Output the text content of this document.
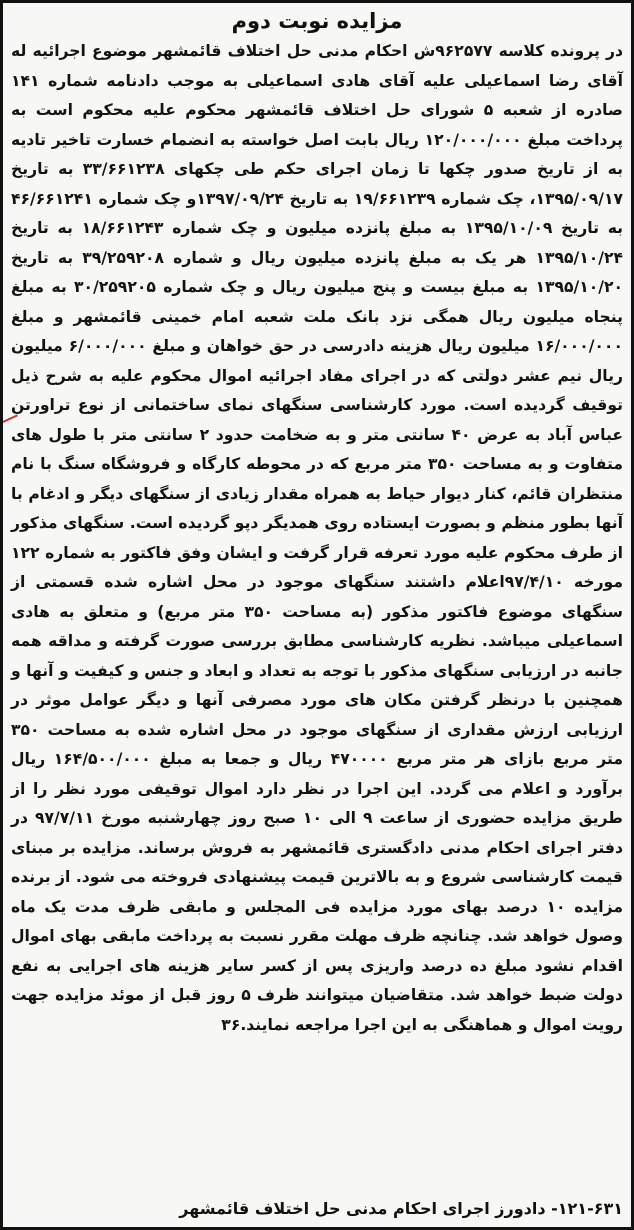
مزایده نوبت دوم

در پرونده کلاسه ۹۶۲۵۷۷ش احکام مدنی حل اختلاف قائمشهر موضوع اجرائیه له آقای رضا اسماعیلی علیه آقای هادی اسماعیلی به موجب دادنامه شماره ۱۴۱ صادره از شعبه ۵ شورای حل اختلاف قائمشهر محکوم علیه محکوم است به پرداخت مبلغ ۱۲۰/۰۰۰/۰۰۰ ریال بابت اصل خواسته به انضمام خسارت تاخیر تادیه به از تاریخ صدور چکها تا زمان اجرای حکم طی چکهای ۳۳/۶۶۱۲۳۸ به تاریخ ۱۳۹۵/۰۹/۱۷، چک شماره ۱۹/۶۶۱۲۳۹ به تاریخ ۱۳۹۷/۰۹/۲۴و چک شماره ۴۶/۶۶۱۲۴۱ به تاریخ ۱۳۹۵/۱۰/۰۹ به مبلغ پانزده میلیون و چک شماره ۱۸/۶۶۱۲۴۳ به تاریخ ۱۳۹۵/۱۰/۲۴ هر یک به مبلغ پانزده میلیون ریال و شماره ۳۹/۲۵۹۲۰۸ به تاریخ ۱۳۹۵/۱۰/۲۰ به مبلغ بیست و پنج میلیون ریال و چک شماره ۳۰/۲۵۹۲۰۵ به مبلغ پنجاه میلیون ریال همگی نزد بانک ملت شعبه امام خمینی قائمشهر و مبلغ ۱۶/۰۰۰/۰۰۰ میلیون ریال هزینه دادرسی در حق خواهان و مبلغ ۶/۰۰۰/۰۰۰ میلیون ریال نیم عشر دولتی که در اجرای مفاد اجرائیه اموال محکوم علیه به شرح ذیل توقیف گردیده است. مورد کارشناسی سنگهای نمای ساختمانی از نوع تراورتن عباس آباد به عرض ۴۰ سانتی متر و به ضخامت حدود ۲ سانتی متر با طول های متفاوت و به مساحت ۳۵۰ متر مربع که در محوطه کارگاه و فروشگاه سنگ با نام منتظران قائم، کنار دیوار حیاط به همراه مقدار زیادی از سنگهای دیگر و ادغام با آنها بطور منظم و بصورت ایستاده روی همدیگر دپو گردیده است. سنگهای مذکور از طرف محکوم علیه مورد تعرفه قرار گرفت و ایشان وفق فاکتور به شماره ۱۲۲ مورخه ۹۷/۴/۱۰اعلام داشتند سنگهای موجود در محل اشاره شده قسمتی از سنگهای موضوع فاکتور مذکور (به مساحت ۳۵۰ متر مربع) و متعلق به هادی اسماعیلی میباشد. نظریه کارشناسی مطابق بررسی صورت گرفته و مداقه همه جانبه در ارزیابی سنگهای مذکور با توجه به تعداد و ابعاد و جنس و کیفیت و آنها و همچنین با درنظر گرفتن مکان های مورد مصرفی آنها و دیگر عوامل موثر در ارزیابی ارزش مقداری از سنگهای موجود در محل اشاره شده به مساحت ۳۵۰ متر مربع بازای هر متر مربع ۴۷۰۰۰۰ ریال و جمعا به مبلغ ۱۶۴/۵۰۰/۰۰۰ ریال برآورد و اعلام می گردد. این اجرا در نظر دارد اموال توقیفی مورد نظر را از طریق مزایده حضوری از ساعت ۹ الی ۱۰ صبح روز چهارشنبه مورخ ۹۷/۷/۱۱ در دفتر اجرای احکام مدنی دادگستری قائمشهر به فروش برساند. مزایده بر مبنای قیمت کارشناسی شروع و به بالاترین قیمت پیشنهادی فروخته می شود. از برنده مزایده ۱۰ درصد بهای مورد مزایده فی المجلس و مابقی ظرف مدت یک ماه وصول خواهد شد. چنانچه ظرف مهلت مقرر نسبت به پرداخت مابقی بهای اموال اقدام نشود مبلغ ده درصد واریزی پس از کسر سایر هزینه های اجرایی به نفع دولت ضبط خواهد شد. متقاضیان میتوانند ظرف ۵ روز قبل از موئد مزایده جهت رویت اموال و هماهنگی به این اجرا مراجعه نمایند.۳۶

۱۲۱-۶۳۱- دادورز اجرای احکام مدنی حل اختلاف قائمشهر
